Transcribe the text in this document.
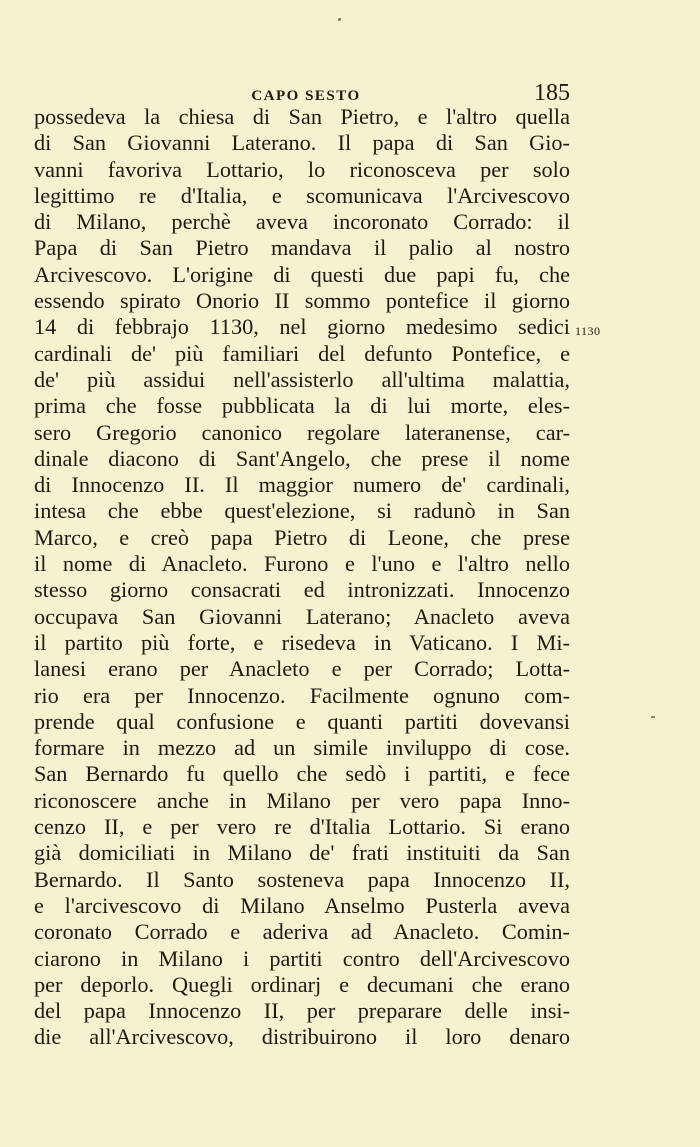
CAPO SESTO	185
possedeva la chiesa di San Pietro, e l'altro quella
di San Giovanni Laterano. Il papa di San Gio-
vanni favoriva Lottario, lo riconosceva per solo
legittimo re d'Italia, e scomunicava l'Arcivescovo
di Milano, perchè aveva incoronato Corrado: il
Papa di San Pietro mandava il palio al nostro
Arcivescovo. L'origine di questi due papi fu, che
essendo spirato Onorio II sommo pontefice il giorno
14 di febbrajo 1130, nel giorno medesimo sedici
cardinali de' più familiari del defunto Pontefice, e
de' più assidui nell'assisterlo all'ultima malattia,
prima che fosse pubblicata la di lui morte, eles-
sero Gregorio canonico regolare lateranense, car-
dinale diacono di Sant'Angelo, che prese il nome
di Innocenzo II. Il maggior numero de' cardinali,
intesa che ebbe quest'elezione, si radunò in San
Marco, e creò papa Pietro di Leone, che prese
il nome di Anacleto. Furono e l'uno e l'altro nello
stesso giorno consacrati ed intronizzati. Innocenzo
occupava San Giovanni Laterano; Anacleto aveva
il partito più forte, e risedeva in Vaticano. I Mi-
lanesi erano per Anacleto e per Corrado; Lotta-
rio era per Innocenzo. Facilmente ognuno com-
prende qual confusione e quanti partiti dovevansi
formare in mezzo ad un simile inviluppo di cose.
San Bernardo fu quello che sedò i partiti, e fece
riconoscere anche in Milano per vero papa Inno-
cenzo II, e per vero re d'Italia Lottario. Si erano
già domiciliati in Milano de' frati instituiti da San
Bernardo. Il Santo sosteneva papa Innocenzo II,
e l'arcivescovo di Milano Anselmo Pusterla aveva
coronato Corrado e aderiva ad Anacleto. Comin-
ciarono in Milano i partiti contro dell'Arcivescovo
per deporlo. Quegli ordinarj e decumani che erano
del papa Innocenzo II, per preparare delle insi-
die all'Arcivescovo, distribuirono il loro denaro
1130
